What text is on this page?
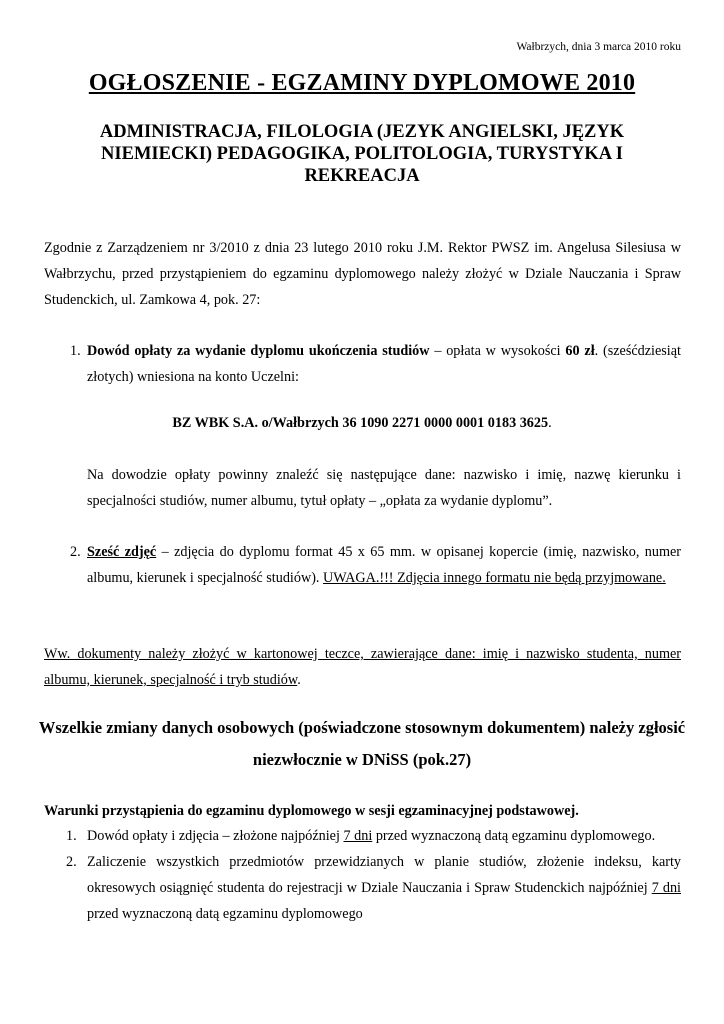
Wałbrzych, dnia 3 marca 2010 roku
OGŁOSZENIE - EGZAMINY DYPLOMOWE 2010
ADMINISTRACJA, FILOLOGIA (JEZYK ANGIELSKI, JĘZYK NIEMIECKI) PEDAGOGIKA, POLITOLOGIA, TURYSTYKA I REKREACJA

Zgodnie z Zarządzeniem nr 3/2010 z dnia 23 lutego 2010 roku J.M. Rektor PWSZ im. Angelusa Silesiusa w Wałbrzychu, przed przystąpieniem do egzaminu dyplomowego należy złożyć w Dziale Nauczania i Spraw Studenckich, ul. Zamkowa 4, pok. 27:

1. Dowód opłaty za wydanie dyplomu ukończenia studiów – opłata w wysokości 60 zł. (sześćdziesiąt złotych) wniesiona na konto Uczelni:

BZ WBK S.A. o/Wałbrzych 36 1090 2271 0000 0001 0183 3625.

Na dowodzie opłaty powinny znaleźć się następujące dane: nazwisko i imię, nazwę kierunku i specjalności studiów, numer albumu, tytuł opłaty – „opłata za wydanie dyplomu”.

2. Sześć zdjęć – zdjęcia do dyplomu format 45 x 65 mm. w opisanej kopercie (imię, nazwisko, numer albumu, kierunek i specjalność studiów). UWAGA.!!! Zdjęcia innego formatu nie będą przyjmowane.

Ww. dokumenty należy złożyć w kartonowej teczce, zawierające dane: imię i nazwisko studenta, numer albumu, kierunek, specjalność i tryb studiów.

Wszelkie zmiany danych osobowych (poświadczone stosownym dokumentem) należy zgłosić niezwłocznie w DNiSS (pok.27)

Warunki przystąpienia do egzaminu dyplomowego w sesji egzaminacyjnej podstawowej.
1. Dowód opłaty i zdjęcia – złożone najpóźniej 7 dni przed wyznaczoną datą egzaminu dyplomowego.

2. Zaliczenie wszystkich przedmiotów przewidzianych w planie studiów, złożenie indeksu, karty okresowych osiągnięć studenta do rejestracji w Dziale Nauczania i Spraw Studenckich najpóźniej 7 dni przed wyznaczoną datą egzaminu dyplomowego
